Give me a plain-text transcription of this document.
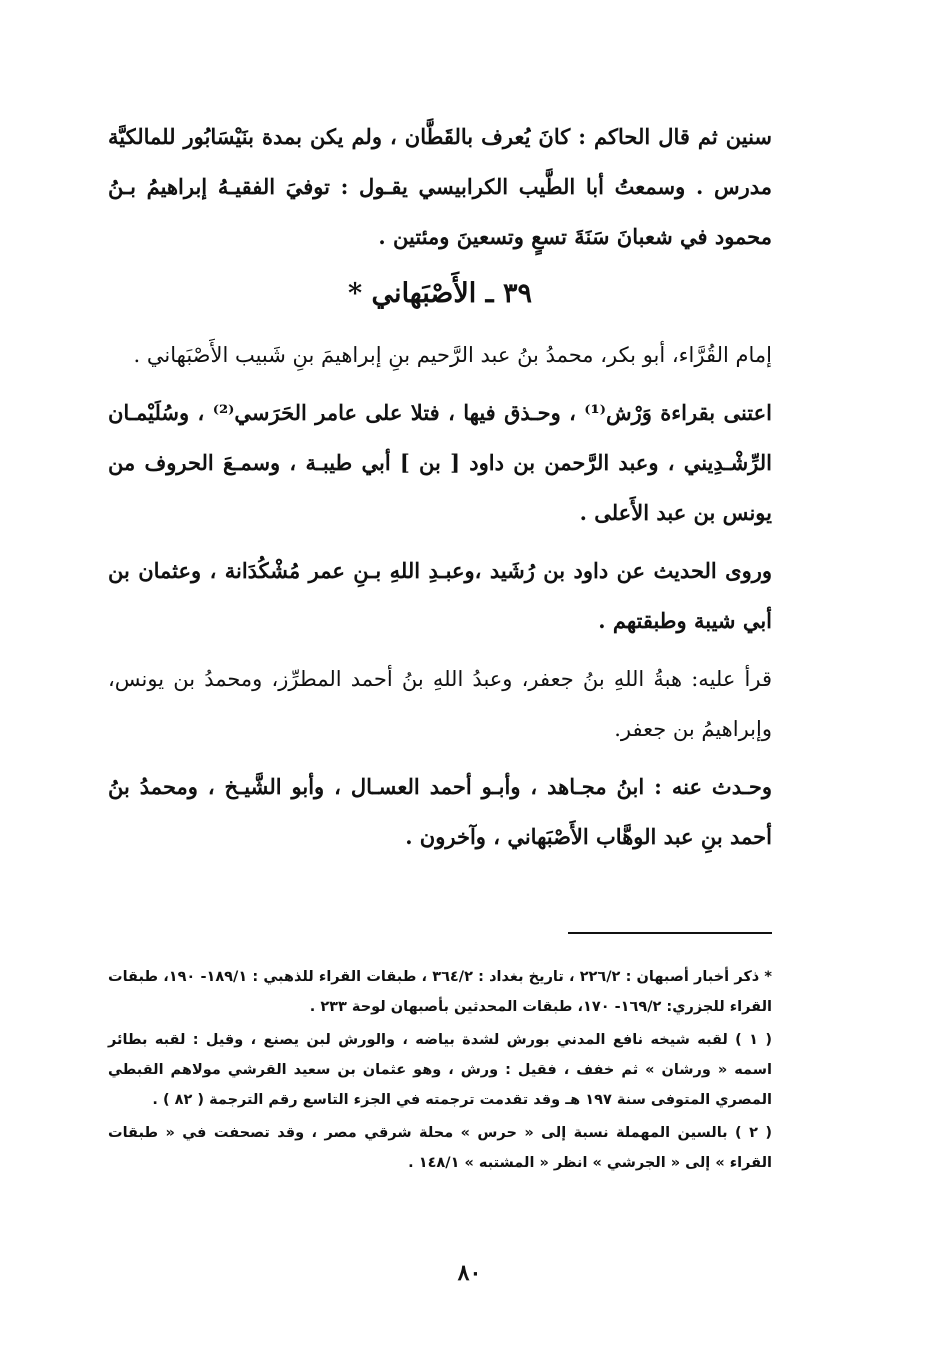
سنين ثم قال الحاكم : كانَ يُعرف بالقَطَّان ، ولم يكن بمدة بنَيْسَابُور للمالكيَّة مدرس . وسمعتُ أبا الطَّيب الكرابيسي يقـول : توفيَ الفقيـهُ إبراهيمُ بـنُ محمود في شعبانَ سَنَةَ تسعٍ وتسعينَ ومئتين .

٣٩ ـ الأَصْبَهاني *

إمام القُرَّاء، أبو بكر، محمدُ بنُ عبد الرَّحيم بنِ إبراهيمَ بنِ شَبيب الأَصْبَهاني .

اعتنى بقراءة وَرْش⁽¹⁾ ، وحـذق فيها ، فتلا على عامر الحَرَسي⁽²⁾ ، وسُلَيْمـان الرِّشْـدِيني ، وعبد الرَّحمن بن داود [ بن ] أبي طيبـة ، وسمـعَ الحروف من يونس بن عبد الأَعلى .

وروى الحديث عن داود بن رُشَيد ،وعبـدِ اللهِ بـنِ عمر مُشْكُدَانة ، وعثمان بن أبي شيبة وطبقتهم .

قرأ عليه: هبةُ اللهِ بنُ جعفر، وعبدُ اللهِ بنُ أحمد المطرِّز، ومحمدُ بن يونس، وإبراهيمُ بن جعفر.

وحـدث عنه : ابنُ مجـاهد ، وأبـو أحمد العسـال ، وأبو الشَّيـخ ، ومحمدُ بنُ أحمد بنِ عبد الوهَّاب الأَصْبَهاني ، وآخرون .

* ذكر أخبار أصبهان : ٢٢٦/٢ ، تاريخ بغداد : ٣٦٤/٢ ، طبقات القراء للذهبي : ١٨٩/١- ١٩٠، طبقات القراء للجزري: ١٦٩/٢- ١٧٠، طبقات المحدثين بأصبهان لوحة ٢٣٣ .

( ١ ) لقبه شيخه نافع المدني بورش لشدة بياضه ، والورش لبن يصنع ، وقيل : لقبه بطائر اسمه « ورشان » ثم خفف ، فقيل : ورش ، وهو عثمان بن سعيد القرشي مولاهم القبطي المصري المتوفى سنة ١٩٧ هـ وقد تقدمت ترجمته في الجزء التاسع رقم الترجمة ( ٨٢ ) .

( ٢ ) بالسين المهملة نسبة إلى « حرس » محلة شرقي مصر ، وقد تصحفت في « طبقات القراء » إلى « الجرشي » انظر « المشتبه » ١٤٨/١ .

٨٠
